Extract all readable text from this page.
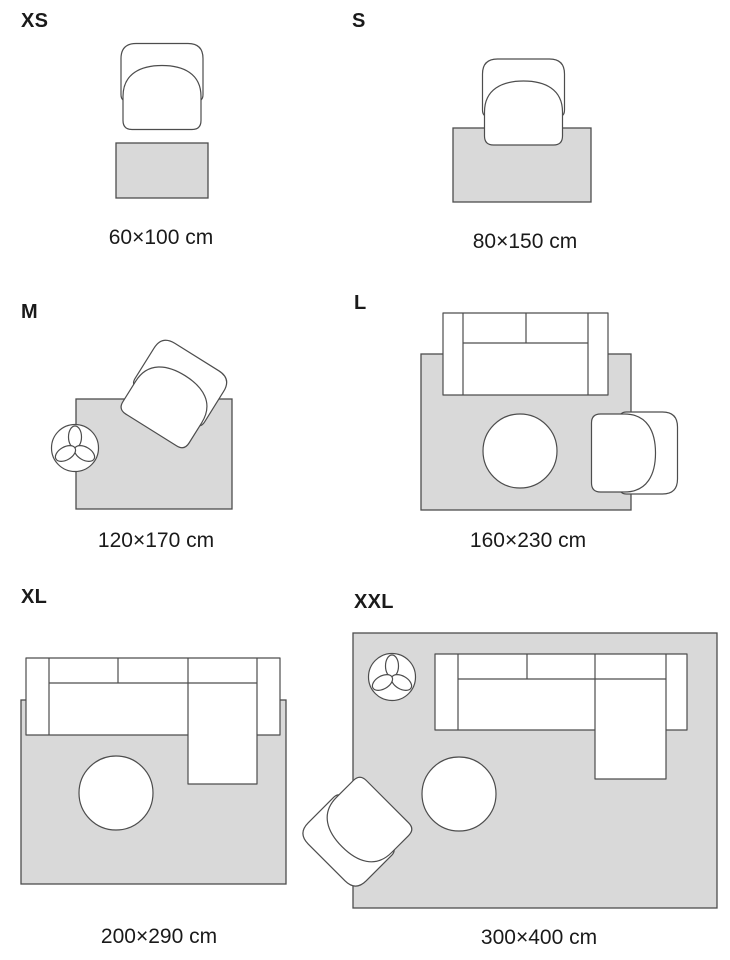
XS	S
M	L
XL	XXL
60×100 cm	80×150 cm
120×170 cm	160×230 cm
200×290 cm	300×400 cm
